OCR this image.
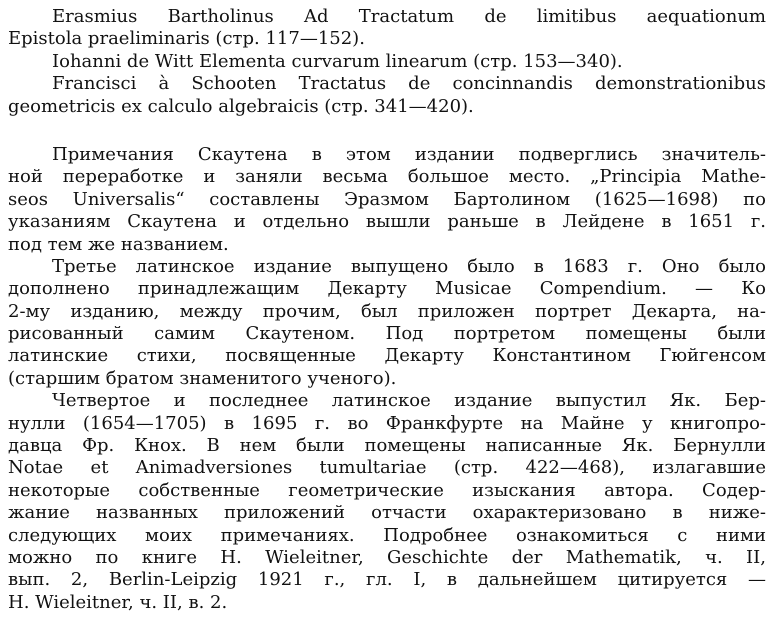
Erasmius Bartholinus Ad Tractatum de limitibus aequationum
Epistola praeliminaris (стр. 117—152).
Iohanni de Witt Elementa curvarum linearum (стр. 153—340).
Francisci à Schooten Tractatus de concinnandis demonstrationibus
geometricis ex calculo algebraicis (стр. 341—420).
Примечания Скаутена в этом издании подверглись значитель-
ной переработке и заняли весьма большое место. „Principia Mathe-
seos Universalis“ составлены Эразмом Бартолином (1625—1698) по
указаниям Скаутена и отдельно вышли раньше в Лейдене в 1651 г.
под тем же названием.
Третье латинское издание выпущено было в 1683 г. Оно было
дополнено принадлежащим Декарту Musicae Compendium. — Ко
2-му изданию, между прочим, был приложен портрет Декарта, на-
рисованный самим Скаутеном. Под портретом помещены были
латинские стихи, посвященные Декарту Константином Гюйгенсом
(старшим братом знаменитого ученого).
Четвертое и последнее латинское издание выпустил Як. Бер-
нулли (1654—1705) в 1695 г. во Франкфурте на Майне у книгопро-
давца Фр. Кнох. В нем были помещены написанные Як. Бернулли
Notae et Animadversiones tumultariae (стр. 422—468), излагавшие
некоторые собственные геометрические изыскания автора. Содер-
жание названных приложений отчасти охарактеризовано в ниже-
следующих моих примечаниях. Подробнее ознакомиться с ними
можно по книге H. Wieleitner, Geschichte der Mathematik, ч. II,
вып. 2, Berlin-Leipzig 1921 г., гл. I, в дальнейшем цитируется —
H. Wieleitner, ч. II, в. 2.
